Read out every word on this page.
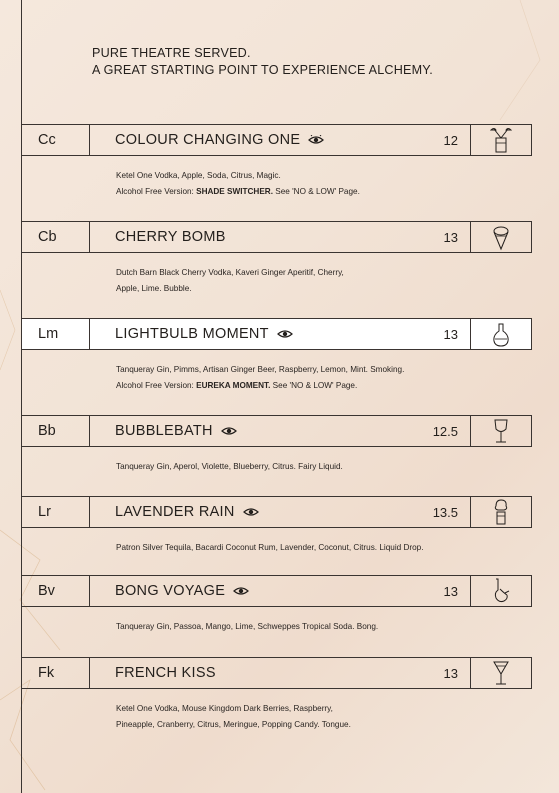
PURE THEATRE SERVED.
A GREAT STARTING POINT TO EXPERIENCE ALCHEMY.
Cc	COLOUR CHANGING ONE	12
Ketel One Vodka, Apple, Soda, Citrus, Magic.
Alcohol Free Version: SHADE SWITCHER. See 'NO & LOW' Page.
Cb	CHERRY BOMB	13
Dutch Barn Black Cherry Vodka, Kaveri Ginger Aperitif, Cherry,
Apple, Lime. Bubble.
Lm	LIGHTBULB MOMENT	13
Tanqueray Gin, Pimms, Artisan Ginger Beer, Raspberry, Lemon, Mint. Smoking.
Alcohol Free Version: EUREKA MOMENT. See 'NO & LOW' Page.
Bb	BUBBLEBATH	12.5
Tanqueray Gin, Aperol, Violette, Blueberry, Citrus. Fairy Liquid.
Lr	LAVENDER RAIN	13.5
Patron Silver Tequila, Bacardi Coconut Rum, Lavender, Coconut, Citrus. Liquid Drop.
Bv	BONG VOYAGE	13
Tanqueray Gin, Passoa, Mango, Lime, Schweppes Tropical Soda. Bong.
Fk	FRENCH KISS	13
Ketel One Vodka, Mouse Kingdom Dark Berries, Raspberry,
Pineapple, Cranberry, Citrus, Meringue, Popping Candy. Tongue.
